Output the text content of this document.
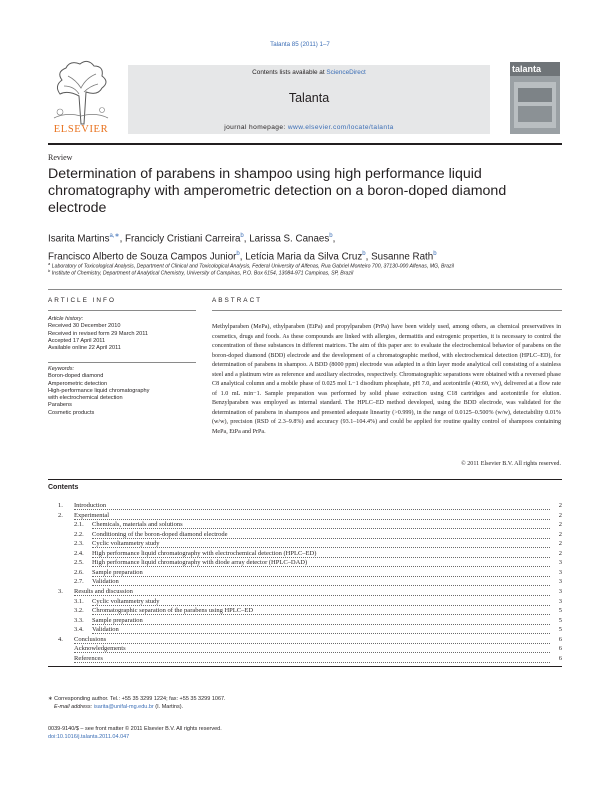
Talanta 85 (2011) 1–7
ELSEVIER
Contents lists available at ScienceDirect
Talanta
journal homepage: www.elsevier.com/locate/talanta
talanta
Review
Determination of parabens in shampoo using high performance liquid chromatography with amperometric detection on a boron-doped diamond electrode
Isarita Martins$^{a,∗}$, Francicly Cristiani Carreira$^b$, Larissa S. Canaes$^b$,
Francisco Alberto de Souza Campos Junior$^b$, Letícia Maria da Silva Cruz$^b$, Susanne Rath$^b$
$^a$ Laboratory of Toxicological Analysis, Department of Clinical and Toxicological Analysis, Federal University of Alfenas, Rua Gabriel Monteiro 700, 37130-000 Alfenas, MG, Brazil
$^b$ Institute of Chemistry, Department of Analytical Chemistry, University of Campinas, P.O. Box 6154, 13084-971 Campinas, SP, Brazil
ARTICLE INFO
Article history:
Received 30 December 2010
Received in revised form 29 March 2011
Accepted 17 April 2011
Available online 22 April 2011
Keywords:
Boron-doped diamond
Amperometric detection
High-performance liquid chromatography
with electrochemical detection
Parabens
Cosmetic products
ABSTRACT
Methylparaben (MePa), ethylparaben (EtPa) and propylparaben (PrPa) have been widely used, among others, as chemical preservatives in cosmetics, drugs and foods. As these compounds are linked with allergies, dermatitis and estrogenic properties, it is necessary to control the concentration of these substances in different matrices. The aim of this paper are: to evaluate the electrochemical behavior of parabens on the boron-doped diamond (BDD) electrode and the development of a chromatographic method, with electrochemical detection (HPLC–ED), for determination of parabens in shampoo. A BDD (8000 ppm) electrode was adapted in a thin layer mode analytical cell consisting of a stainless steel and a platinum wire as reference and auxiliary electrodes, respectively. Chromatographic separations were obtained with a reversed phase C8 analytical column and a mobile phase of 0.025 mol L−1 disodium phosphate, pH 7.0, and acetonitrile (40:60, v/v), delivered at a flow rate of 1.0 mL min−1. Sample preparation was performed by solid phase extraction using C18 cartridges and acetonitrile for elution. Benzylparaben was employed as internal standard. The HPLC–ED method developed, using the BDD electrode, was validated for the determination of parabens in shampoos and presented adequate linearity (>0.999), in the range of 0.0125–0.500% (w/w), detectability 0.01% (w/w), precision (RSD of 2.3–9.8%) and accuracy (93.1–104.4%) and could be applied for routine quality control of shampoos containing MePa, EtPa and PrPa.
© 2011 Elsevier B.V. All rights reserved.
Contents
1. Introduction	2
2. Experimental	2
2.1. Chemicals, materials and solutions	2
2.2. Conditioning of the boron-doped diamond electrode	2
2.3. Cyclic voltammetry study	2
2.4. High performance liquid chromatography with electrochemical detection (HPLC–ED)	2
2.5. High performance liquid chromatography with diode array detector (HPLC–DAD)	3
2.6. Sample preparation	3
2.7. Validation	3
3. Results and discussion	3
3.1. Cyclic voltammetry study	3
3.2. Chromatographic separation of the parabens using HPLC–ED	5
3.3. Sample preparation	5
3.4. Validation	5
4. Conclusions	6
Acknowledgements	6
References	6
∗ Corresponding author. Tel.: +55 35 3299 1224; fax: +55 35 3299 1067.
E-mail address: isarita@unifal-mg.edu.br (I. Martins).
0039-9140/$ – see front matter © 2011 Elsevier B.V. All rights reserved.
doi:10.1016/j.talanta.2011.04.047
